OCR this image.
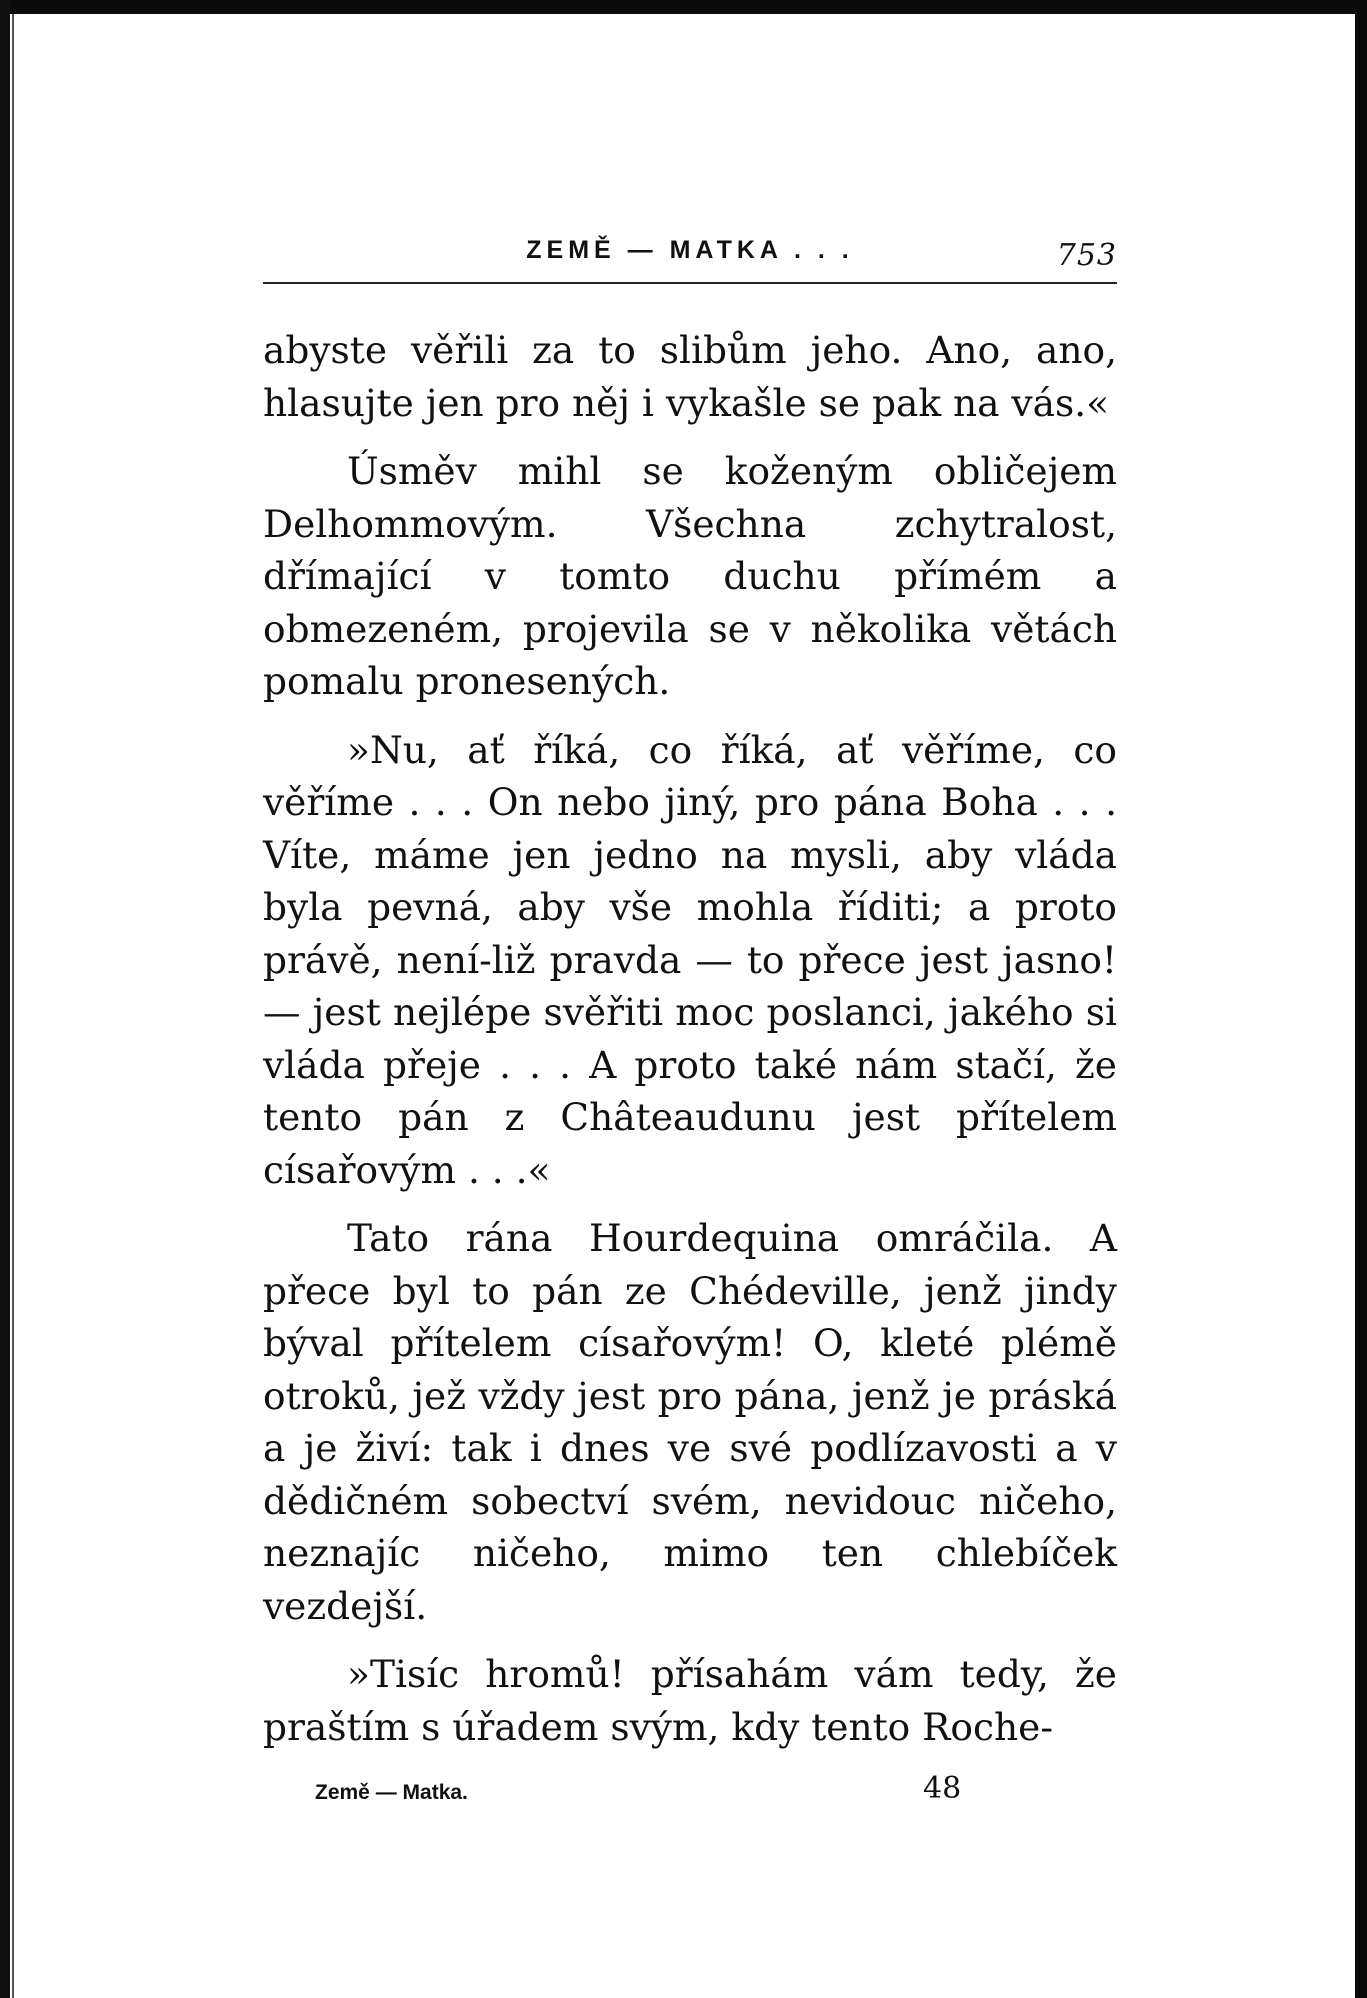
ZEMĚ — MATKA . . .	753

abyste věřili za to slibům jeho. Ano, ano, hlasujte jen pro něj i vykašle se pak na vás.«

Úsměv mihl se koženým obličejem Delhommovým. Všechna zchytralost, dřímající v tomto duchu přímém a obmezeném, projevila se v několika větách pomalu pronesených.

»Nu, ať říká, co říká, ať věříme, co věříme . . . On nebo jiný, pro pána Boha . . . Víte, máme jen jedno na mysli, aby vláda byla pevná, aby vše mohla říditi; a proto právě, není-liž pravda — to přece jest jasno! — jest nejlépe svěřiti moc poslanci, jakého si vláda přeje . . . A proto také nám stačí, že tento pán z Châteaudunu jest přítelem císařovým . . .«

Tato rána Hourdequina omráčila. A přece byl to pán ze Chédeville, jenž jindy býval přítelem císařovým! O, kleté plémě otroků, jež vždy jest pro pána, jenž je práská a je živí: tak i dnes ve své podlízavosti a v dědičném sobectví svém, nevidouc ničeho, neznajíc ničeho, mimo ten chlebíček vezdejší.

»Tisíc hromů! přísahám vám tedy, že praštím s úřadem svým, kdy tento Roche-

Země — Matka.	48
